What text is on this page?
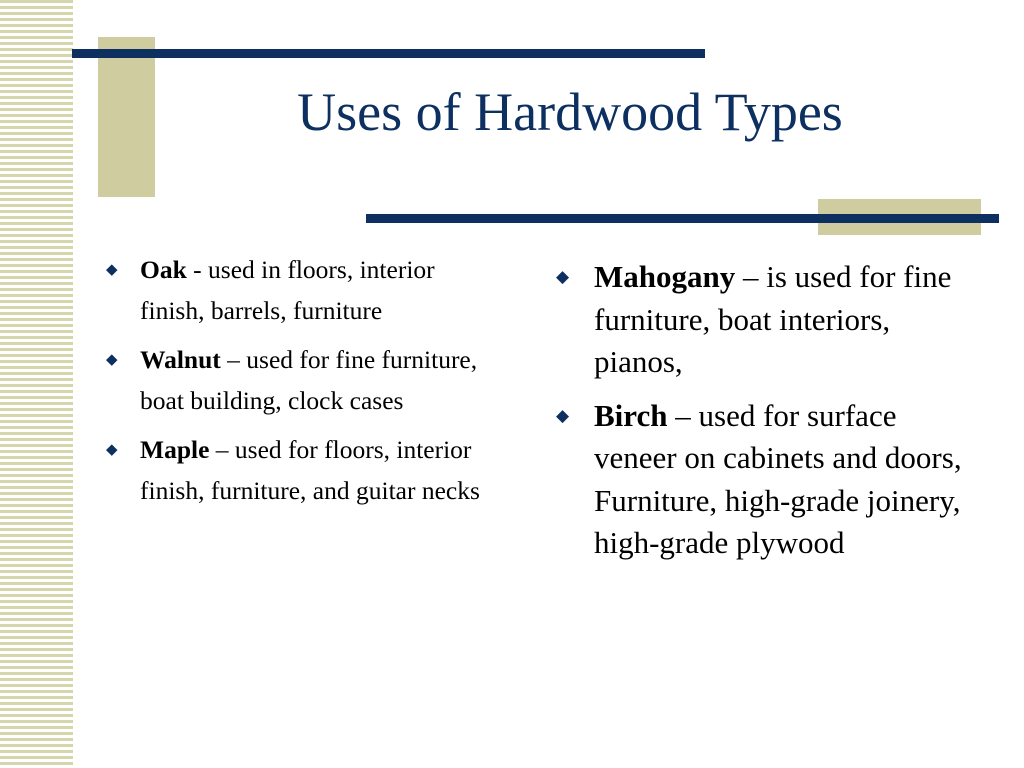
Uses of Hardwood Types
◆ Oak - used in floors, interior finish, barrels, furniture
◆ Walnut – used for fine furniture, boat building, clock cases
◆ Maple – used for floors, interior finish, furniture, and guitar necks
◆ Mahogany – is used for fine furniture, boat interiors, pianos,
◆ Birch – used for surface veneer on cabinets and doors, Furniture, high-grade joinery, high-grade plywood
